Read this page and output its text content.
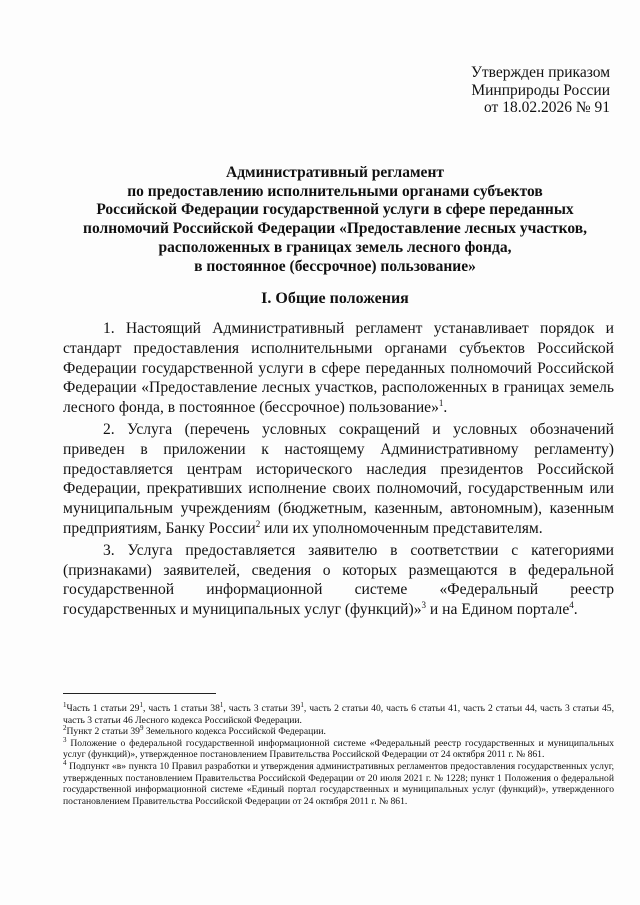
Утвержден приказом
Минприроды России
от 18.02.2026 № 91
Административный регламент
по предоставлению исполнительными органами субъектов
Российской Федерации государственной услуги в сфере переданных
полномочий Российской Федерации «Предоставление лесных участков,
расположенных в границах земель лесного фонда,
в постоянное (бессрочное) пользование»
I. Общие положения

1. Настоящий Административный регламент устанавливает порядок и стандарт предоставления исполнительными органами субъектов Российской Федерации государственной услуги в сфере переданных полномочий Российской Федерации «Предоставление лесных участков, расположенных в границах земель лесного фонда, в постоянное (бессрочное) пользование»$^1$.

2. Услуга (перечень условных сокращений и условных обозначений приведен в приложении к настоящему Административному регламенту) предоставляется центрам исторического наследия президентов Российской Федерации, прекративших исполнение своих полномочий, государственным или муниципальным учреждениям (бюджетным, казенным, автономным), казенным предприятиям, Банку России$^2$ или их уполномоченным представителям.

3. Услуга предоставляется заявителю в соответствии с категориями (признаками) заявителей, сведения о которых размещаются в федеральной государственной информационной системе «Федеральный реестр государственных и муниципальных услуг (функций)»$^3$ и на Едином портале$^4$.

$^1$Часть 1 статьи $29^1$, часть 1 статьи $38^1$, часть 3 статьи $39^1$, часть 2 статьи 40, часть 6 статьи 41, часть 2 статьи 44, часть 3 статьи 45, часть 3 статьи 46 Лесного кодекса Российской Федерации.

$^2$Пункт 2 статьи $39^9$ Земельного кодекса Российской Федерации.

$^3$ Положение о федеральной государственной информационной системе «Федеральный реестр государственных и муниципальных услуг (функций)», утвержденное постановлением Правительства Российской Федерации от 24 октября 2011 г. № 861.

$^4$ Подпункт «в» пункта 10 Правил разработки и утверждения административных регламентов предоставления государственных услуг, утвержденных постановлением Правительства Российской Федерации от 20 июля 2021 г. № 1228; пункт 1 Положения о федеральной государственной информационной системе «Единый портал государственных и муниципальных услуг (функций)», утвержденного постановлением Правительства Российской Федерации от 24 октября 2011 г. № 861.
